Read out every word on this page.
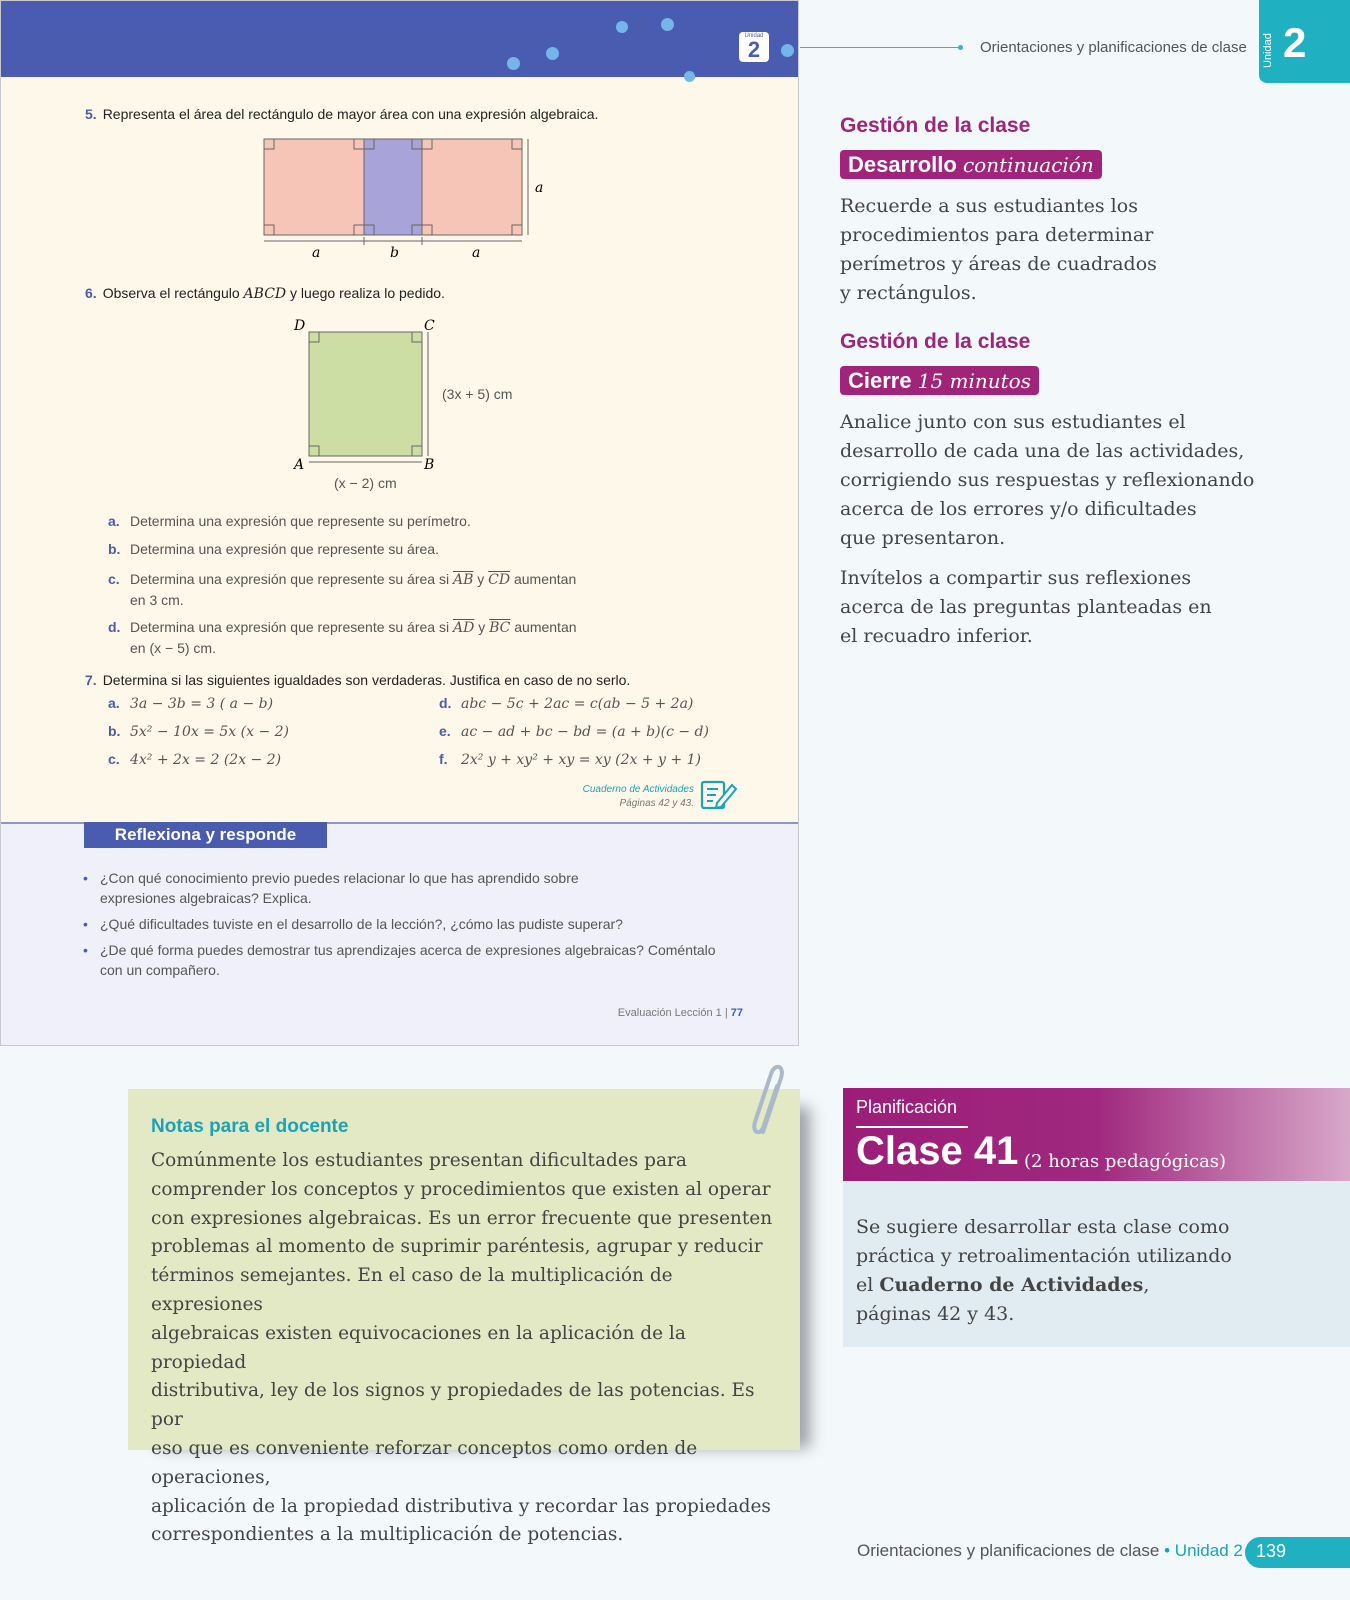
Unidad
2
5. Representa el área del rectángulo de mayor área con una expresión algebraica.
a	b	a
a
6. Observa el rectángulo ABCD y luego realiza lo pedido.
D	C
A	B
(3x + 5) cm
(x − 2) cm
a. Determina una expresión que represente su perímetro.
b. Determina una expresión que represente su área.
c. Determina una expresión que represente su área si $\overline{AB}$ y $\overline{CD}$ aumentan
en 3 cm.
d. Determina una expresión que represente su área si $\overline{AD}$ y $\overline{BC}$ aumentan
en (x − 5) cm.
7. Determina si las siguientes igualdades son verdaderas. Justifica en caso de no serlo.
a. 3a − 3b = 3 ( a − b)
b. 5x² − 10x = 5x (x − 2)
c. 4x² + 2x = 2 (2x − 2)
d. abc − 5c + 2ac = c(ab − 5 + 2a)
e. ac − ad + bc − bd = (a + b)(c − d)
f. 2x² y + xy² + xy = xy (2x + y + 1)
Cuaderno de Actividades
Páginas 42 y 43.
Reflexiona y responde
• ¿Con qué conocimiento previo puedes relacionar lo que has aprendido sobre
expresiones algebraicas? Explica.
• ¿Qué dificultades tuviste en el desarrollo de la lección?, ¿cómo las pudiste superar?
• ¿De qué forma puedes demostrar tus aprendizajes acerca de expresiones algebraicas? Coméntalo
con un compañero.
Evaluación Lección 1 | 77
Orientaciones y planificaciones de clase Unidad 2
Gestión de la clase
Desarrollo continuación
Recuerde a sus estudiantes los
procedimientos para determinar
perímetros y áreas de cuadrados
y rectángulos.
Gestión de la clase
Cierre 15 minutos
Analice junto con sus estudiantes el
desarrollo de cada una de las actividades,
corrigiendo sus respuestas y reflexionando
acerca de los errores y/o dificultades
que presentaron.
Invítelos a compartir sus reflexiones
acerca de las preguntas planteadas en
el recuadro inferior.
Notas para el docente
Comúnmente los estudiantes presentan dificultades para
comprender los conceptos y procedimientos que existen al operar
con expresiones algebraicas. Es un error frecuente que presenten
problemas al momento de suprimir paréntesis, agrupar y reducir
términos semejantes. En el caso de la multiplicación de expresiones
algebraicas existen equivocaciones en la aplicación de la propiedad
distributiva, ley de los signos y propiedades de las potencias. Es por
eso que es conveniente reforzar conceptos como orden de operaciones,
aplicación de la propiedad distributiva y recordar las propiedades
correspondientes a la multiplicación de potencias.
Planificación
Clase 41 (2 horas pedagógicas)
Se sugiere desarrollar esta clase como
práctica y retroalimentación utilizando
el Cuaderno de Actividades,
páginas 42 y 43.
Orientaciones y planificaciones de clase • Unidad 2 139
